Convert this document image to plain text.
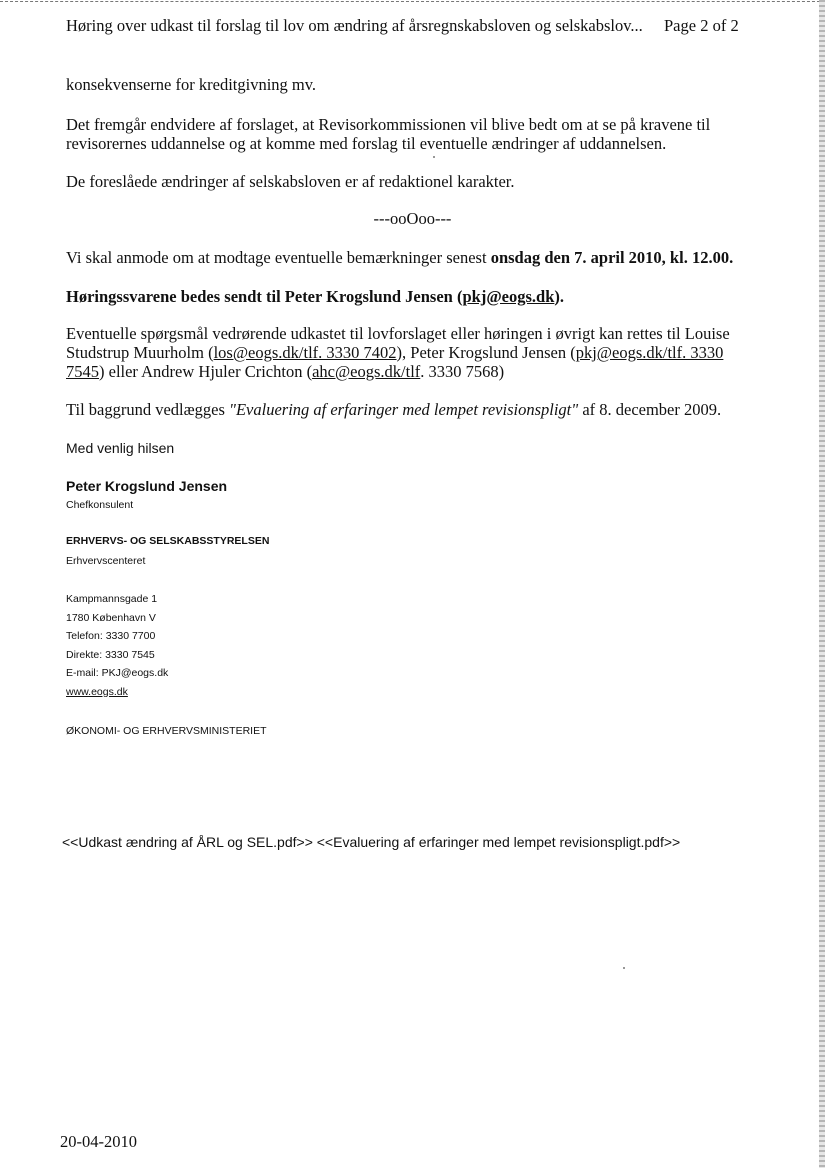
Høring over udkast til forslag til lov om ændring af årsregnskabsloven og selskabslov... Page 2 of 2
konsekvenserne for kreditgivning mv.
Det fremgår endvidere af forslaget, at Revisorkommissionen vil blive bedt om at se på kravene til
revisorernes uddannelse og at komme med forslag til eventuelle ændringer af uddannelsen.
De foreslåede ændringer af selskabsloven er af redaktionel karakter.
---ooOoo---
Vi skal anmode om at modtage eventuelle bemærkninger senest onsdag den 7. april 2010, kl. 12.00.
Høringssvarene bedes sendt til Peter Krogslund Jensen (pkj@eogs.dk).
Eventuelle spørgsmål vedrørende udkastet til lovforslaget eller høringen i øvrigt kan rettes til Louise
Studstrup Muurholm (los@eogs.dk/tlf. 3330 7402), Peter Krogslund Jensen (pkj@eogs.dk/tlf. 3330
7545) eller Andrew Hjuler Crichton (ahc@eogs.dk/tlf. 3330 7568)
Til baggrund vedlægges "Evaluering af erfaringer med lempet revisionspligt" af 8. december 2009.
Med venlig hilsen
Peter Krogslund Jensen
Chefkonsulent
ERHVERVS- OG SELSKABSSTYRELSEN
Erhvervscenteret
Kampmannsgade 1
1780 København V
Telefon: 3330 7700
Direkte: 3330 7545
E-mail: PKJ@eogs.dk
www.eogs.dk
ØKONOMI- OG ERHVERVSMINISTERIET
<<Udkast ændring af ÅRL og SEL.pdf>> <<Evaluering af erfaringer med lempet revisionspligt.pdf>>
20-04-2010
